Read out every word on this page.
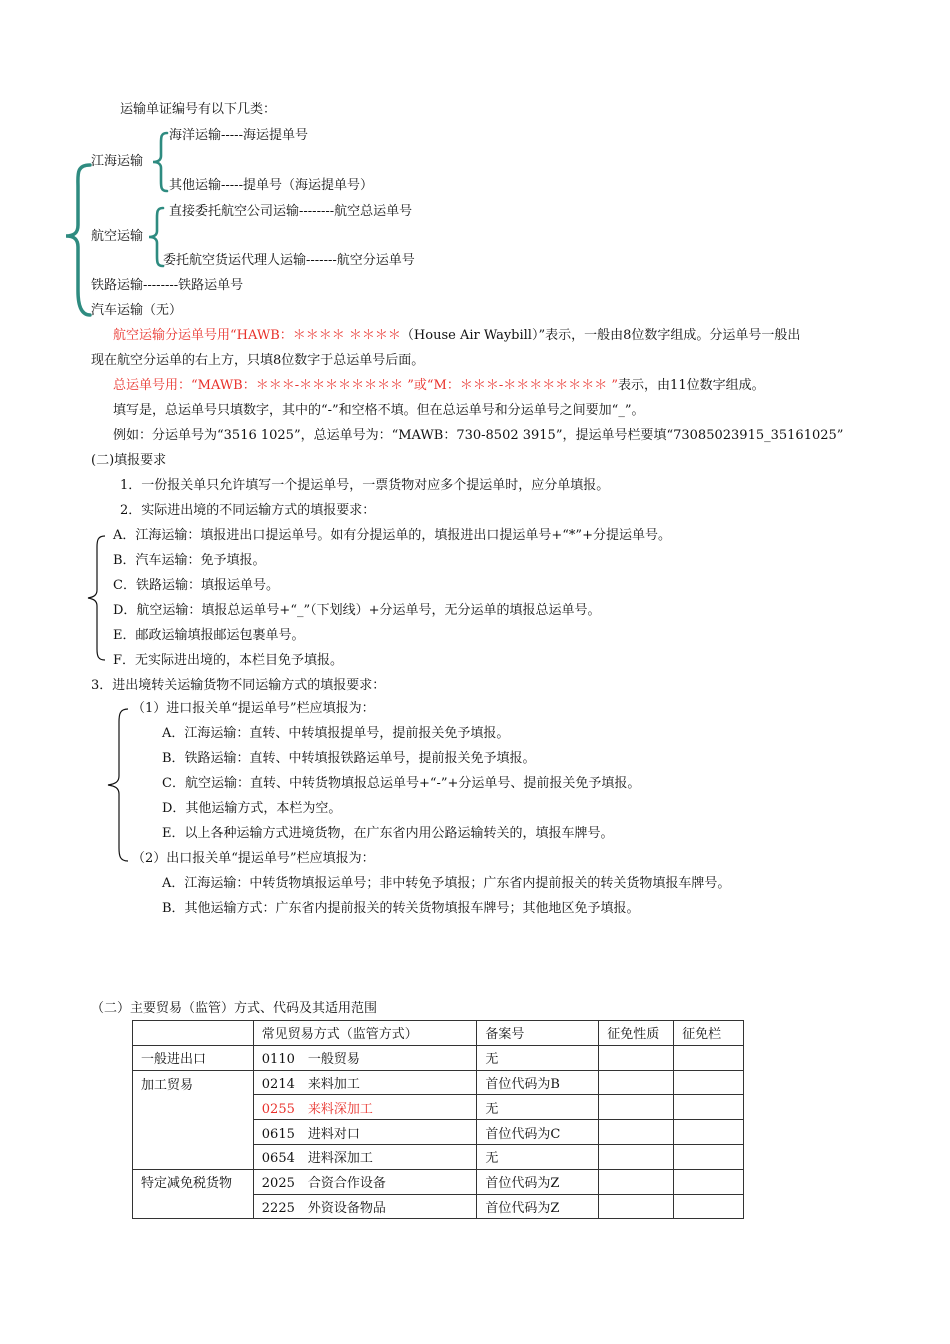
运输单证编号有以下几类：
海洋运输-----海运提单号
江海运输
其他运输-----提单号（海运提单号）
直接委托航空公司运输--------航空总运单号
航空运输
委托航空货运代理人运输-------航空分运单号
铁路运输--------铁路运单号
汽车运输（无）
航空运输分运单号用“HAWB：＊＊＊＊ ＊＊＊＊（House Air Waybill）”表示，一般由8位数字组成。分运单号一般出
现在航空分运单的右上方，只填8位数字于总运单号后面。
总运单号用：“MAWB：＊＊＊-＊＊＊＊＊＊＊＊ ”或“M：＊＊＊-＊＊＊＊＊＊＊＊ ”表示，由11位数字组成。
填写是，总运单号只填数字，其中的“-”和空格不填。但在总运单号和分运单号之间要加“_”。
例如：分运单号为“3516 1025”，总运单号为：“MAWB：730-8502 3915”，提运单号栏要填“73085023915_35161025”
(二)填报要求
1．一份报关单只允许填写一个提运单号，一票货物对应多个提运单时，应分单填报。
2．实际进出境的不同运输方式的填报要求：
A．江海运输：填报进出口提运单号。如有分提运单的，填报进出口提运单号+“*”+分提运单号。
B．汽车运输：免予填报。
C．铁路运输：填报运单号。
D．航空运输：填报总运单号+“_”（下划线）+分运单号，无分运单的填报总运单号。
E．邮政运输填报邮运包裹单号。
F．无实际进出境的，本栏目免予填报。
3．进出境转关运输货物不同运输方式的填报要求：
（1）进口报关单“提运单号”栏应填报为：
A．江海运输：直转、中转填报提单号，提前报关免予填报。
B．铁路运输：直转、中转填报铁路运单号，提前报关免予填报。
C．航空运输：直转、中转货物填报总运单号+“-”+分运单号、提前报关免予填报。
D．其他运输方式，本栏为空。
E．以上各种运输方式进境货物，在广东省内用公路运输转关的，填报车牌号。
（2）出口报关单“提运单号”栏应填报为：
A．江海运输：中转货物填报运单号；非中转免予填报；广东省内提前报关的转关货物填报车牌号。
B．其他运输方式：广东省内提前报关的转关货物填报车牌号；其他地区免予填报。
（二）主要贸易（监管）方式、代码及其适用范围
	常见贸易方式（监管方式）	备案号	征免性质	征免栏
一般进出口	0110　一般贸易	无		
加工贸易	0214　来料加工	首位代码为B		
	0255　来料深加工	无		
	0615　进料对口	首位代码为C		
	0654　进料深加工	无		
特定减免税货物	2025　合资合作设备	首位代码为Z		
	2225　外资设备物品	首位代码为Z		
